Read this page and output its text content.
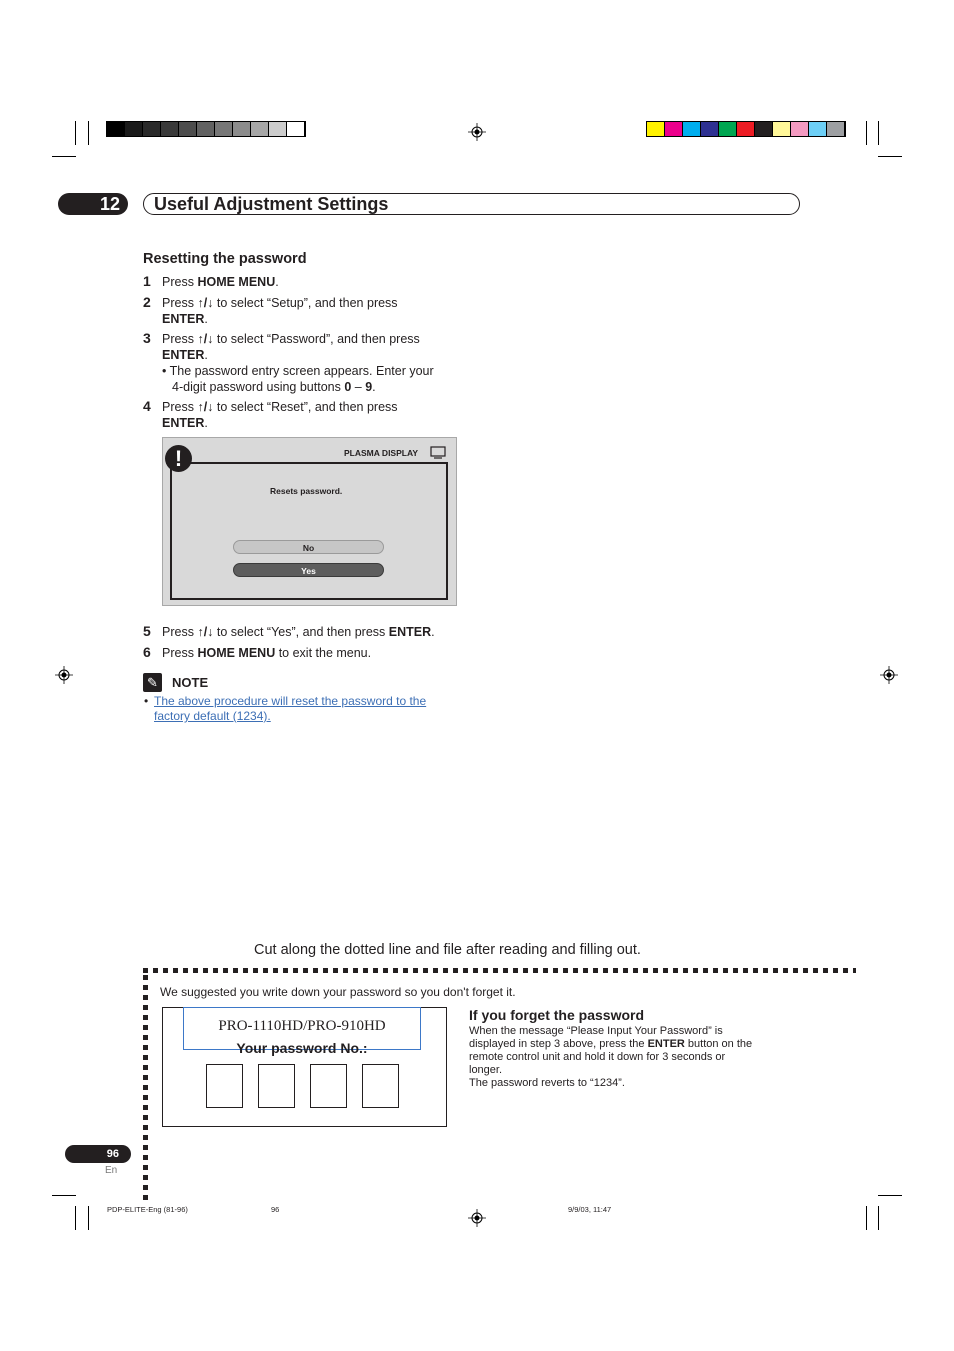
12	Useful Adjustment Settings
Resetting the password
1 Press HOME MENU.
2 Press ↑/↓ to select “Setup”, and then press
ENTER.
3 Press ↑/↓ to select “Password”, and then press
ENTER.
• The password entry screen appears. Enter your
4-digit password using buttons 0 – 9.
4 Press ↑/↓ to select “Reset”, and then press
ENTER.
!	PLASMA DISPLAY
Resets password.
No
Yes
5 Press ↑/↓ to select “Yes”, and then press ENTER.
6 Press HOME MENU to exit the menu.
✎	NOTE
• The above procedure will reset the password to the
factory default (1234).
Cut along the dotted line and file after reading and filling out.
We suggested you write down your password so you don't forget it.
PRO-1110HD/PRO-910HD
Your password No.:
If you forget the password
When the message “Please Input Your Password” is
displayed in step 3 above, press the ENTER button on the
remote control unit and hold it down for 3 seconds or
longer.
The password reverts to “1234”.
96
En
PDP-ELITE-Eng (81-96)	96	9/9/03, 11:47
